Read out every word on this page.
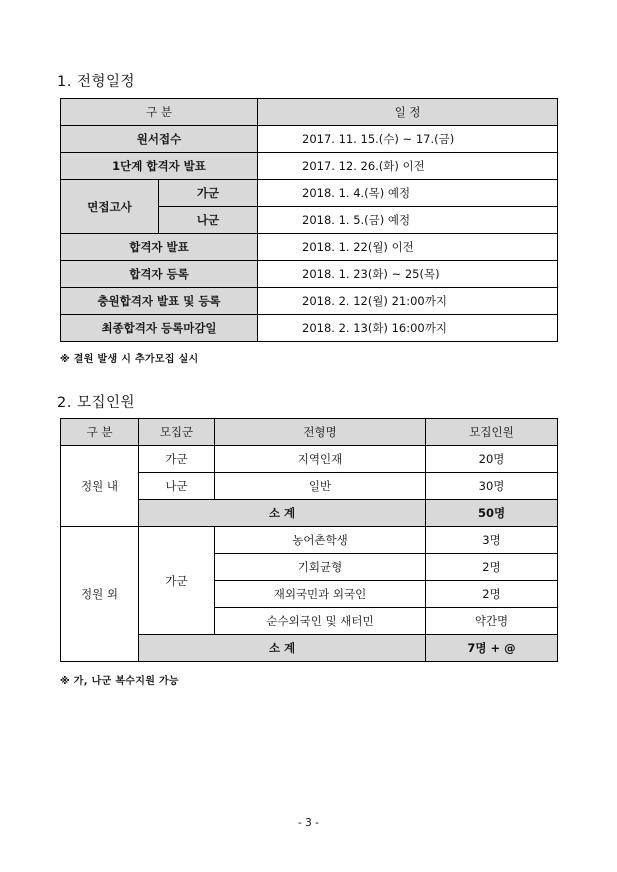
1. 전형일정
구 분		일 정
원서접수		2017. 11. 15.(수) ~ 17.(금)
1단계 합격자 발표		2017. 12. 26.(화) 이전
면접고사	가군	2018. 1. 4.(목) 예정
	나군	2018. 1. 5.(금) 예정
합격자 발표		2018. 1. 22(월) 이전
합격자 등록		2018. 1. 23(화) ~ 25(목)
충원합격자 발표 및 등록		2018. 2. 12(월) 21:00까지
최종합격자 등록마감일		2018. 2. 13(화) 16:00까지
※ 결원 발생 시 추가모집 실시
2. 모집인원
구 분	모집군	전형명	모집인원
정원 내	가군	지역인재	20명
	나군	일반	30명
	소 계		50명
정원 외	가군	농어촌학생	3명
		기회균형	2명
		재외국민과 외국인	2명
		순수외국인 및 새터민	약간명
	소 계		7명 + @
※ 가, 나군 복수지원 가능
- 3 -
